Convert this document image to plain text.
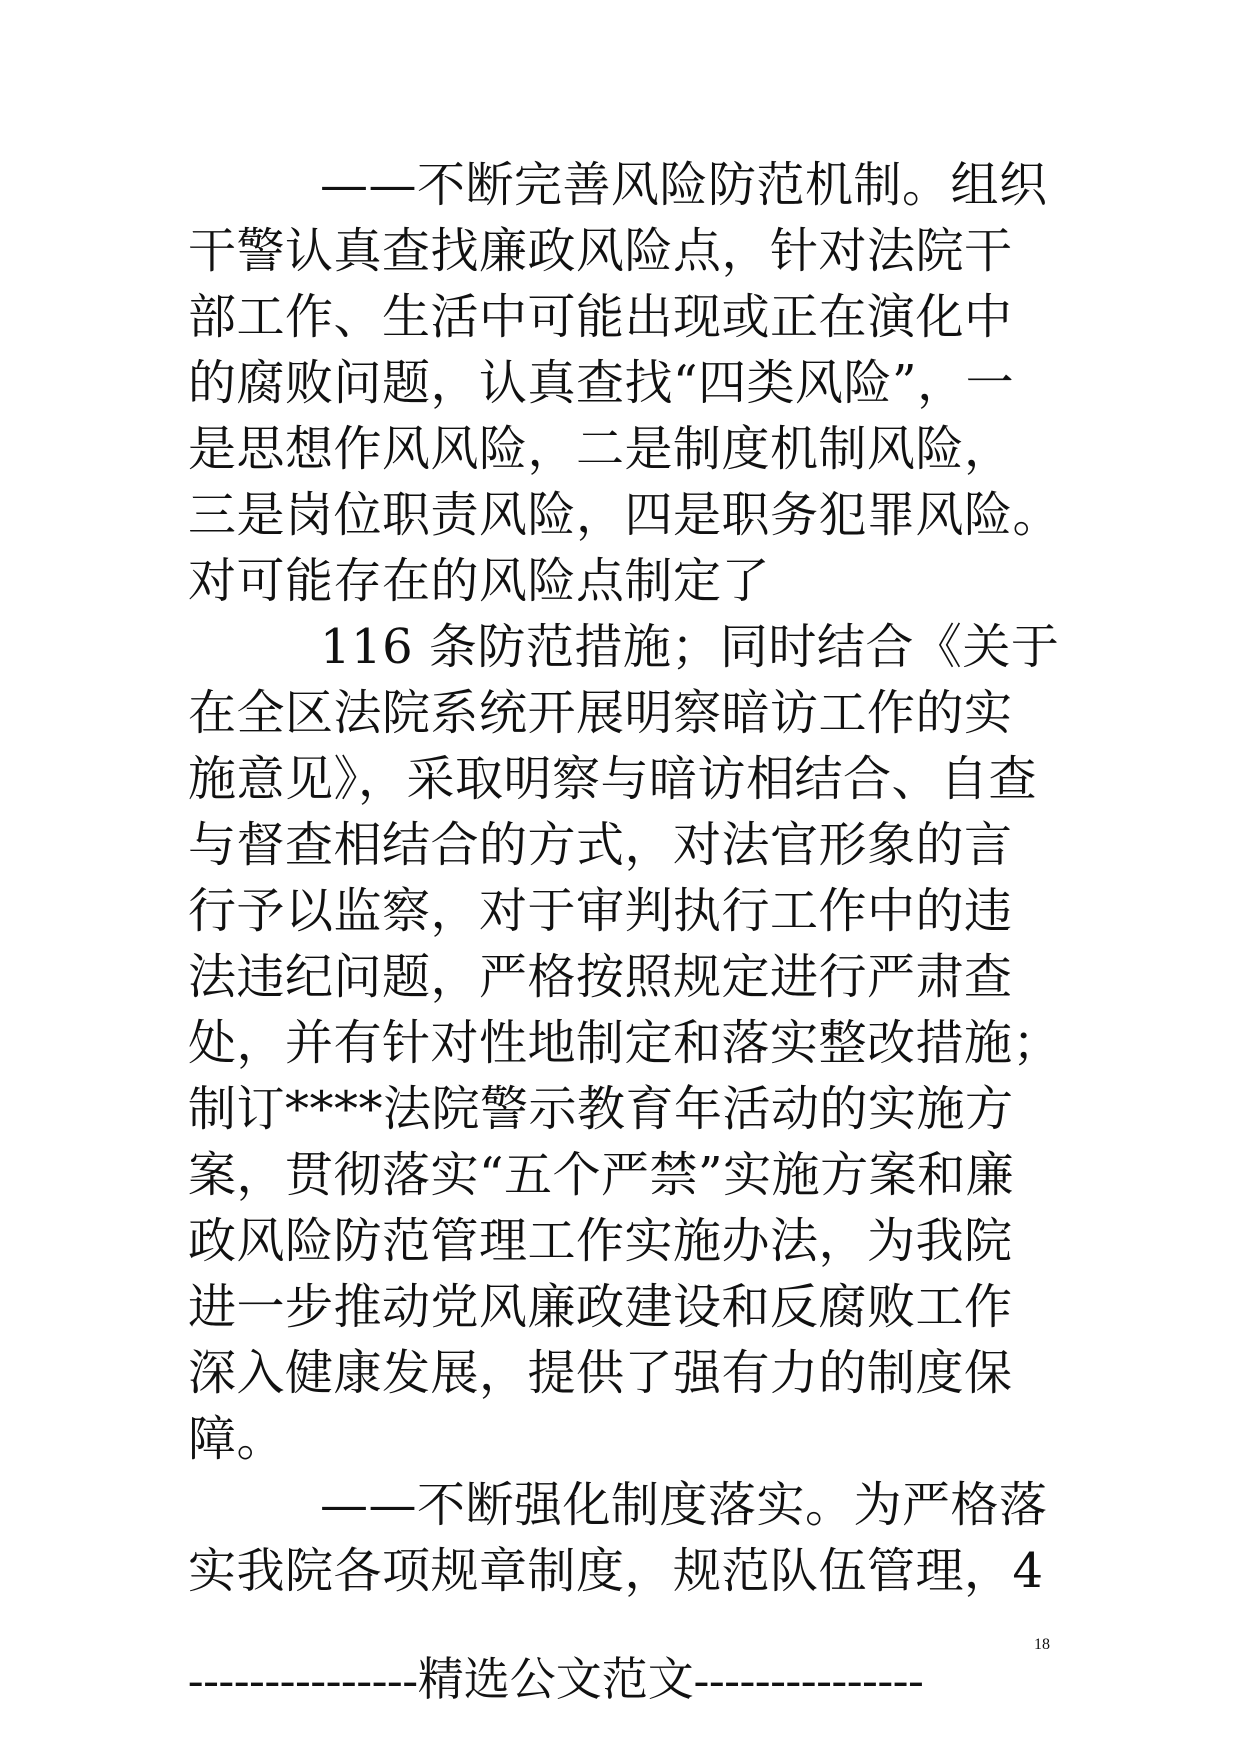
——不断完善风险防范机制。组织
干警认真查找廉政风险点，针对法院干
部工作、生活中可能出现或正在演化中
的腐败问题，认真查找“四类风险”，一
是思想作风风险，二是制度机制风险，
三是岗位职责风险，四是职务犯罪风险。
对可能存在的风险点制定了
116 条防范措施；同时结合《关于
在全区法院系统开展明察暗访工作的实
施意见》，采取明察与暗访相结合、自查
与督查相结合的方式，对法官形象的言
行予以监察，对于审判执行工作中的违
法违纪问题，严格按照规定进行严肃查
处，并有针对性地制定和落实整改措施；
制订****法院警示教育年活动的实施方
案，贯彻落实“五个严禁”实施方案和廉
政风险防范管理工作实施办法，为我院
进一步推动党风廉政建设和反腐败工作
深入健康发展，提供了强有力的制度保
障。
——不断强化制度落实。为严格落
实我院各项规章制度，规范队伍管理，4
18
---------------精选公文范文---------------
